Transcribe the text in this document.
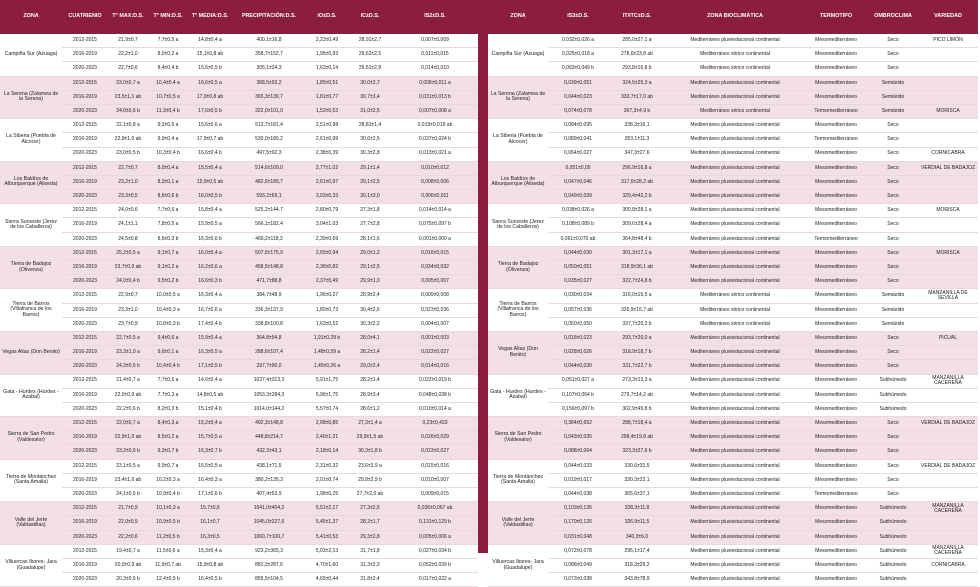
ZONA	CUATRIENIO	T° MAX:D.S.	T° MIN:D.S.	T° MEDIA:D.S.	PRECIPITACIÓN:D.S.	IO±D.S.	IC±D.S.	IS2±D.S.
Campiña Sur (Azuaga)	2012-2015	21,9±0,7	7,7±0,5 a	14,8±0,4 a	400,1±16,8	2,23±0,49	28,91±2,7	0,007±0,009
	2016-2019	22,2±1,0	8,0±0,2 a	15,1±0,8 ab	358,7±152,7	1,95±0,93	29,62±2,5	0,011±0,015
	2020-2023	22,7±0,6	8,4±0,4 b	15,6±0,5 b	305,1±24,3	1,63±0,14	29,51±2,8	0,014±0,010
La Serena (Zalamea de la Serena)	2012-2015	23,0±0,7 a	10,4±0,4 a	16,6±0,5 a	368,5±93,2	1,85±0,51	30,0±2,7	0,008±0,011 a
	2016-2019	23,5±1,1 ab	10,7±0,5 a	17,0±0,8 ab	365,3±139,7	1,81±0,77	30,7±3,4	0,031±0,013 b
	2020-2023	24,0±0,6 b	11,3±0,4 b	17,6±0,5 b	322,0±101,0	1,52±0,53	31,0±2,5	0,007±0,008 a
La Siberia (Puebla de Alcocer)	2012-2015	22,1±0,8 a	9,3±0,5 a	15,6±0,6 a	513,7±181,4	2,51±0,98	28,81±1,4	0,019±0,019 ab
	2016-2019	22,9±1,0 ab	9,9±0,4 a	17,9±0,7 ab	530,0±189,2	2,61±0,99	30,6±2,5	0,037±0,024 b
	2020-2023	23,0±0,5 b	10,3±0,4 b	16,6±0,4 b	497,5±92,3	2,38±0,39	30,3±2,8	0,013±0,021 a
Los Baldíos de Alburquerque (Aliseda)	2012-2015	22,7±0,7	8,0±0,4 a	15,5±0,4 a	514,6±169,0	2,77±1,02	29,1±1,4	0,010±0,012
	2016-2019	23,2±1,0	8,3±0,1 a	15,9±0,5 ab	482,6±189,7	2,61±0,97	29,1±2,5	0,008±0,006
	2020-2023	23,3±0,5	8,6±0,6 b	16,0±0,5 b	593,2±69,1	3,03±0,33	30,1±3,0	0,006±0,011
Sierra Suroeste (Jerez de los Caballeros)	2012-2015	24,0±0,6	7,7±0,6 a	15,8±0,4 a	525,2±144,7	2,80±0,79	27,3±1,8	0,014±0,014 a
	2016-2019	24,1±1,1	7,8±0,5 a	15,9±0,5 a	566,1±182,4	3,04±1,03	27,7±2,8	0,075±0,097 b
	2020-2023	24,5±0,8	8,5±0,3 b	16,3±0,6 b	466,2±118,3	2,39±0,69	28,1±1,6	0,001±0,000 a
Tierra de Badajoz (Olivenza)	2012-2015	25,2±0,5 a	9,1±0,7 a	16,0±0,4 a	507,6±175,9	2,65±0,94	29,0±1,2	0,016±0,015
	2016-2019	23,7±0,9 ab	9,1±0,2 a	16,2±0,6 a	458,5±148,8	2,36±0,82	29,1±2,5	0,034±0,032
	2020-2023	24,0±0,4 b	9,5±0,2 b	16,6±0,3 b	471,7±88,8	2,37±0,49	29,9±1,0	0,005±0,007
Tierra de Barros (Villafranca de los Barros)	2012-2015	22,9±0,7	10,0±0,5 a	16,3±0,4 a	384,7±48,9	1,96±0,27	28,9±2,4	0,009±0,008
	2016-2019	23,3±1,0	10,4±0,3 a	16,7±0,6 a	336,3±137,9	1,80±0,73	30,4±2,6	0,023±0,036
	2020-2023	23,7±0,9	10,8±0,3 b	17,4±0,4 b	338,8±100,8	1,63±0,52	30,3±2,2	0,004±0,007
Vegas Altas (Don Benito)	2012-2015	22,7±0,5 a	9,4±0,6 a	15,9±0,4 a	364,8±54,8	1,91±0,29 b	28,0±4,1	0,001±0,003
	2016-2019	23,3±1,0 a	9,6±0,1 a	16,3±0,5 a	288,6±107,4	1,48±0,59 a	28,2±1,4	0,022±0,027
	2020-2023	24,3±0,6 b	10,4±0,4 b	17,1±0,5 b	297,7±90,0	1,45±0,26 a	29,0±2,4	0,014±0,016
Gata - Hurdes (Hurdes - Azabal)	2012-2015	21,4±0,7 a	7,7±0,5 a	14,6±0,4 a	1037,4±313,3	5,91±1,75	28,2±1,4	0,022±0,019 b
	2016-2019	22,0±0,9 ab	7,7±0,3 a	14,8±0,5 ab	1053,3±284,3	5,96±1,75	28,9±3,4	0,048±0,038 b
	2020-2023	22,2±0,6 b	8,2±0,3 b	15,1±0,4 b	1014,0±144,2	5,57±0,74	28,6±1,2	0,010±0,014 a
Sierra de San Pedro (Valdesalor)	2012-2015	22,0±0,7 a	8,4±0,3 a	15,2±0,4 a	492,3±148,8	2,68±0,85	27,3±1,4 a	0,23±0,433
	2016-2019	22,9±1,0 ab	8,5±0,2 a	15,7±0,5 a	448,8±214,7	2,40±1,21	29,9±1,5 ab	0,026±0,029
	2020-2023	23,2±0,6 b	9,3±0,7 b	16,3±0,7 b	432,3±43,1	2,18±0,14	30,3±1,8 b	0,023±0,027
Tierra de Montánchez (Santa Amalia)	2012-2015	23,1±0,5 a	9,9±0,7 a	16,5±0,5 a	438,1±71,5	2,31±0,32	23,6±3,9 a	0,015±0,016
	2016-2019	23,4±1,0 ab	10,2±0,3 a	16,4±0,3 a	380,2±135,3	2,01±0,74	29,8±2,9 b	0,010±0,007
	2020-2023	24,1±0,6 b	10,9±0,4 b	17,1±0,6 b	407,4±53,9	1,98±0,25	27,7±2,0 ab	0,009±0,015
Valle del Jerte (Valdastillas)	2012-2015	21,7±0,9	10,1±0,3 a	15,7±0,6	1041,0±404,2	5,51±2,17	27,3±2,5	0,036±0,067 ab
	2016-2019	22,0±0,9	10,9±0,5 b	16,1±0,7	1045,0±227,6	5,45±1,37	28,2±1,7	0,131±0,129 b
	2020-2023	22,2±0,6	11,2±0,5 b	16,3±0,5	1060,7±100,7	5,41±0,53	29,3±2,8	0,005±0,006 a
Villuercas Ibores- Jara (Guadalupe)	2012-2015	19,4±0,7 a	11,5±0,6 a	15,3±0,4 a	923,2±365,3	5,03±2,13	31,7±1,8	0,027±0,034 b
	2016-2019	20,0±0,9 ab	11,9±0,7 ab	15,9±0,8 ab	881,3±287,6	4,70±1,60	31,3±2,3	0,052±0,039 b
	2020-2023	20,3±0,6 b	12,4±0,5 b	16,4±0,5 b	855,5±104,5	4,65±0,44	31,8±2,4	0,017±0,022 a
ZONA	IS3±D.S.	IT/ITC±D.S.	ZONA BIOCLIMÁTICA	TERMOTIPO	OMBROCLIMA	VARIEDAD
Campiña Sur (Azuaga)	0,032±0,026 a	285,0±27,1 a	Mediterráneo pluviestacional continental	Mesomediterráneo	Seco	PICO LIMÓN
	0,025±0,018 a	278,6±23,8 ab	Mediterráneo xérico continental	Mesomediterráneo	Seco	
	0,063±0,049 b	293,8±16,8 b	Mediterráneo xérico continental	Mesomediterráneo	Seco	
La Serena (Zalamea de la Serena)	0,039±0,051	324,5±25,3 a	Mediterráneo pluviestacional continental	Mesomediterráneo	Semiárido	
	0,044±0,023	333,7±17,0 ab	Mediterráneo pluviestacional continental	Mesomediterráneo	Semiárido	
	0,074±0,078	367,3±4,9 b	Mediterráneo xérico continental	Termomediterráneo	Semiárido	MORISCA
La Siberia (Puebla de Alcocer)	0,084±0,095	338,3±16,1	Mediterráneo pluviestacional continental	Mesomediterráneo	Seco	
	0,089±0,041	353,1±11,3	Mediterráneo pluviestacional continental	Termomediterráneo	Seco	
	0,064±0,027	347,3±27,6	Mediterráneo pluviestacional continental	Mesomediterráneo	Seco	CORNICABRA
Los Baldíos de Alburquerque (Aliseda)	0,051±0,05	296,9±16,8 a	Mediterráneo pluviestacional continental	Mesomediterráneo	Seco	VERDIAL DE BADAJOZ
	0,047±0,046	317,6±28,2 ab	Mediterráneo pluviestacional continental	Mesomediterráneo	Seco	
	0,049±0,039	329,4±42,2 b	Mediterráneo pluviestacional continental	Mesomediterráneo	Seco	
Sierra Suroeste (Jerez de los Caballeros)	0,038±0,026 a	300,8±28,1 a	Mediterráneo pluviestacional continental	Mesomediterráneo	Seco	MORISCA
	0,108±0,089 b	309,6±28,4 a	Mediterráneo pluviestacional continental	Mesomediterráneo	Seco	
	0,061±0,070 ab	364,8±48,4 b	Mediterráneo pluviestacional continental	Termomediterráneo	Seco	
Tierra de Badajoz (Olivenza)	0,044±0,030	301,3±17,1 a	Mediterráneo pluviestacional continental	Mesomediterráneo	Seco	MORISCA
	0,050±0,051	318,9±36,1 ab	Mediterráneo pluviestacional continental	Mesomediterráneo	Seco	
	0,035±0,027	322,7±24,8 b	Mediterráneo pluviestacional continental	Mesomediterráneo	Seco	
Tierra de Barros (Villafranca de los Barros)	0,030±0,034	316,0±15,5 a	Mediterráneo xérico continental	Mesomediterráneo	Semiárido	MANZANILLA DE SEVILLA
	0,057±0,036	335,9±16,7 ab	Mediterráneo xérico continental	Mesomediterráneo	Semiárido	
	0,050±0,050	337,7±20,3 b	Mediterráneo xérico continental	Mesomediterráneo	Semiárido	
Vegas Altas (Don Benito)	0,018±0,023	293,7±20,0 a	Mediterráneo pluviestacional continental	Mesomediterráneo	Seco	PICUAL
	0,028±0,026	318,9±18,7 b	Mediterráneo pluviestacional continental	Mesomediterráneo	Seco	
	0,044±0,030	331,7±22,7 b	Mediterráneo pluviestacional continental	Mesomediterráneo	Seco	
Gata - Hurdes (Hurdes - Azabal)	0,051±0,027 a	273,3±13,3 a	Mediterráneo pluviestacional continental	Mesomediterráneo	Subhúmedo	MANZANILLA CACEREÑA
	0,107±0,064 b	279,7±14,2 ab	Mediterráneo pluviestacional continental	Mesomediterráneo	Subhúmedo	
	0,156±0,097 b	302,9±45,8 b	Mediterráneo pluviestacional continental	Mesomediterráneo	Subhúmedo	
Sierra de San Pedro (Valdesalor)	0,384±0,652	288,7±18,4 a	Mediterráneo pluviestacional continental	Mesomediterráneo	Seco	VERDIAL DE BADAJOZ
	0,043±0,035	298,4±19,8 ab	Mediterráneo pluviestacional continental	Mesomediterráneo	Seco	
	0,088±0,064	323,3±27,6 b	Mediterráneo pluviestacional continental	Mesomediterráneo	Seco	
Tierra de Montánchez (Santa Amalia)	0,044±0,033	330,6±31,5	Mediterráneo pluviestacional continental	Mesomediterráneo	Seco	VERDIAL DE BADAJOZ
	0,019±0,017	330,3±23,1	Mediterráneo pluviestacional continental	Mesomediterráneo	Seco	
	0,044±0,038	365,6±37,1	Mediterráneo pluviestacional continental	Termomediterráneo	Seco	
Valle del Jerte (Valdastillas)	0,103±0,135	328,3±11,8	Mediterráneo pluviestacional continental	Mesomediterráneo	Subhúmedo	MANZANILLA CACEREÑA
	0,170±0,126	326,9±11,5	Mediterráneo pluviestacional continental	Mesomediterráneo	Subhúmedo	
	0,031±0,048	340,3±6,0	Mediterráneo pluviestacional continental	Mesomediterráneo	Subhúmedo	
Villuercas Ibores- Jara (Guadalupe)	0,072±0,078	295,1±17,4	Mediterráneo pluviestacional continental	Mesomediterráneo	Subhúmedo	MANZANILLA CACEREÑA
	0,088±0,049	318,3±29,2	Mediterráneo pluviestacional continental	Mesomediterráneo	Subhúmedo	CORNICABRA
	0,073±0,038	343,8±78,9	Mediterráneo pluviestacional continental	Mesomediterráneo	Subhúmedo	
